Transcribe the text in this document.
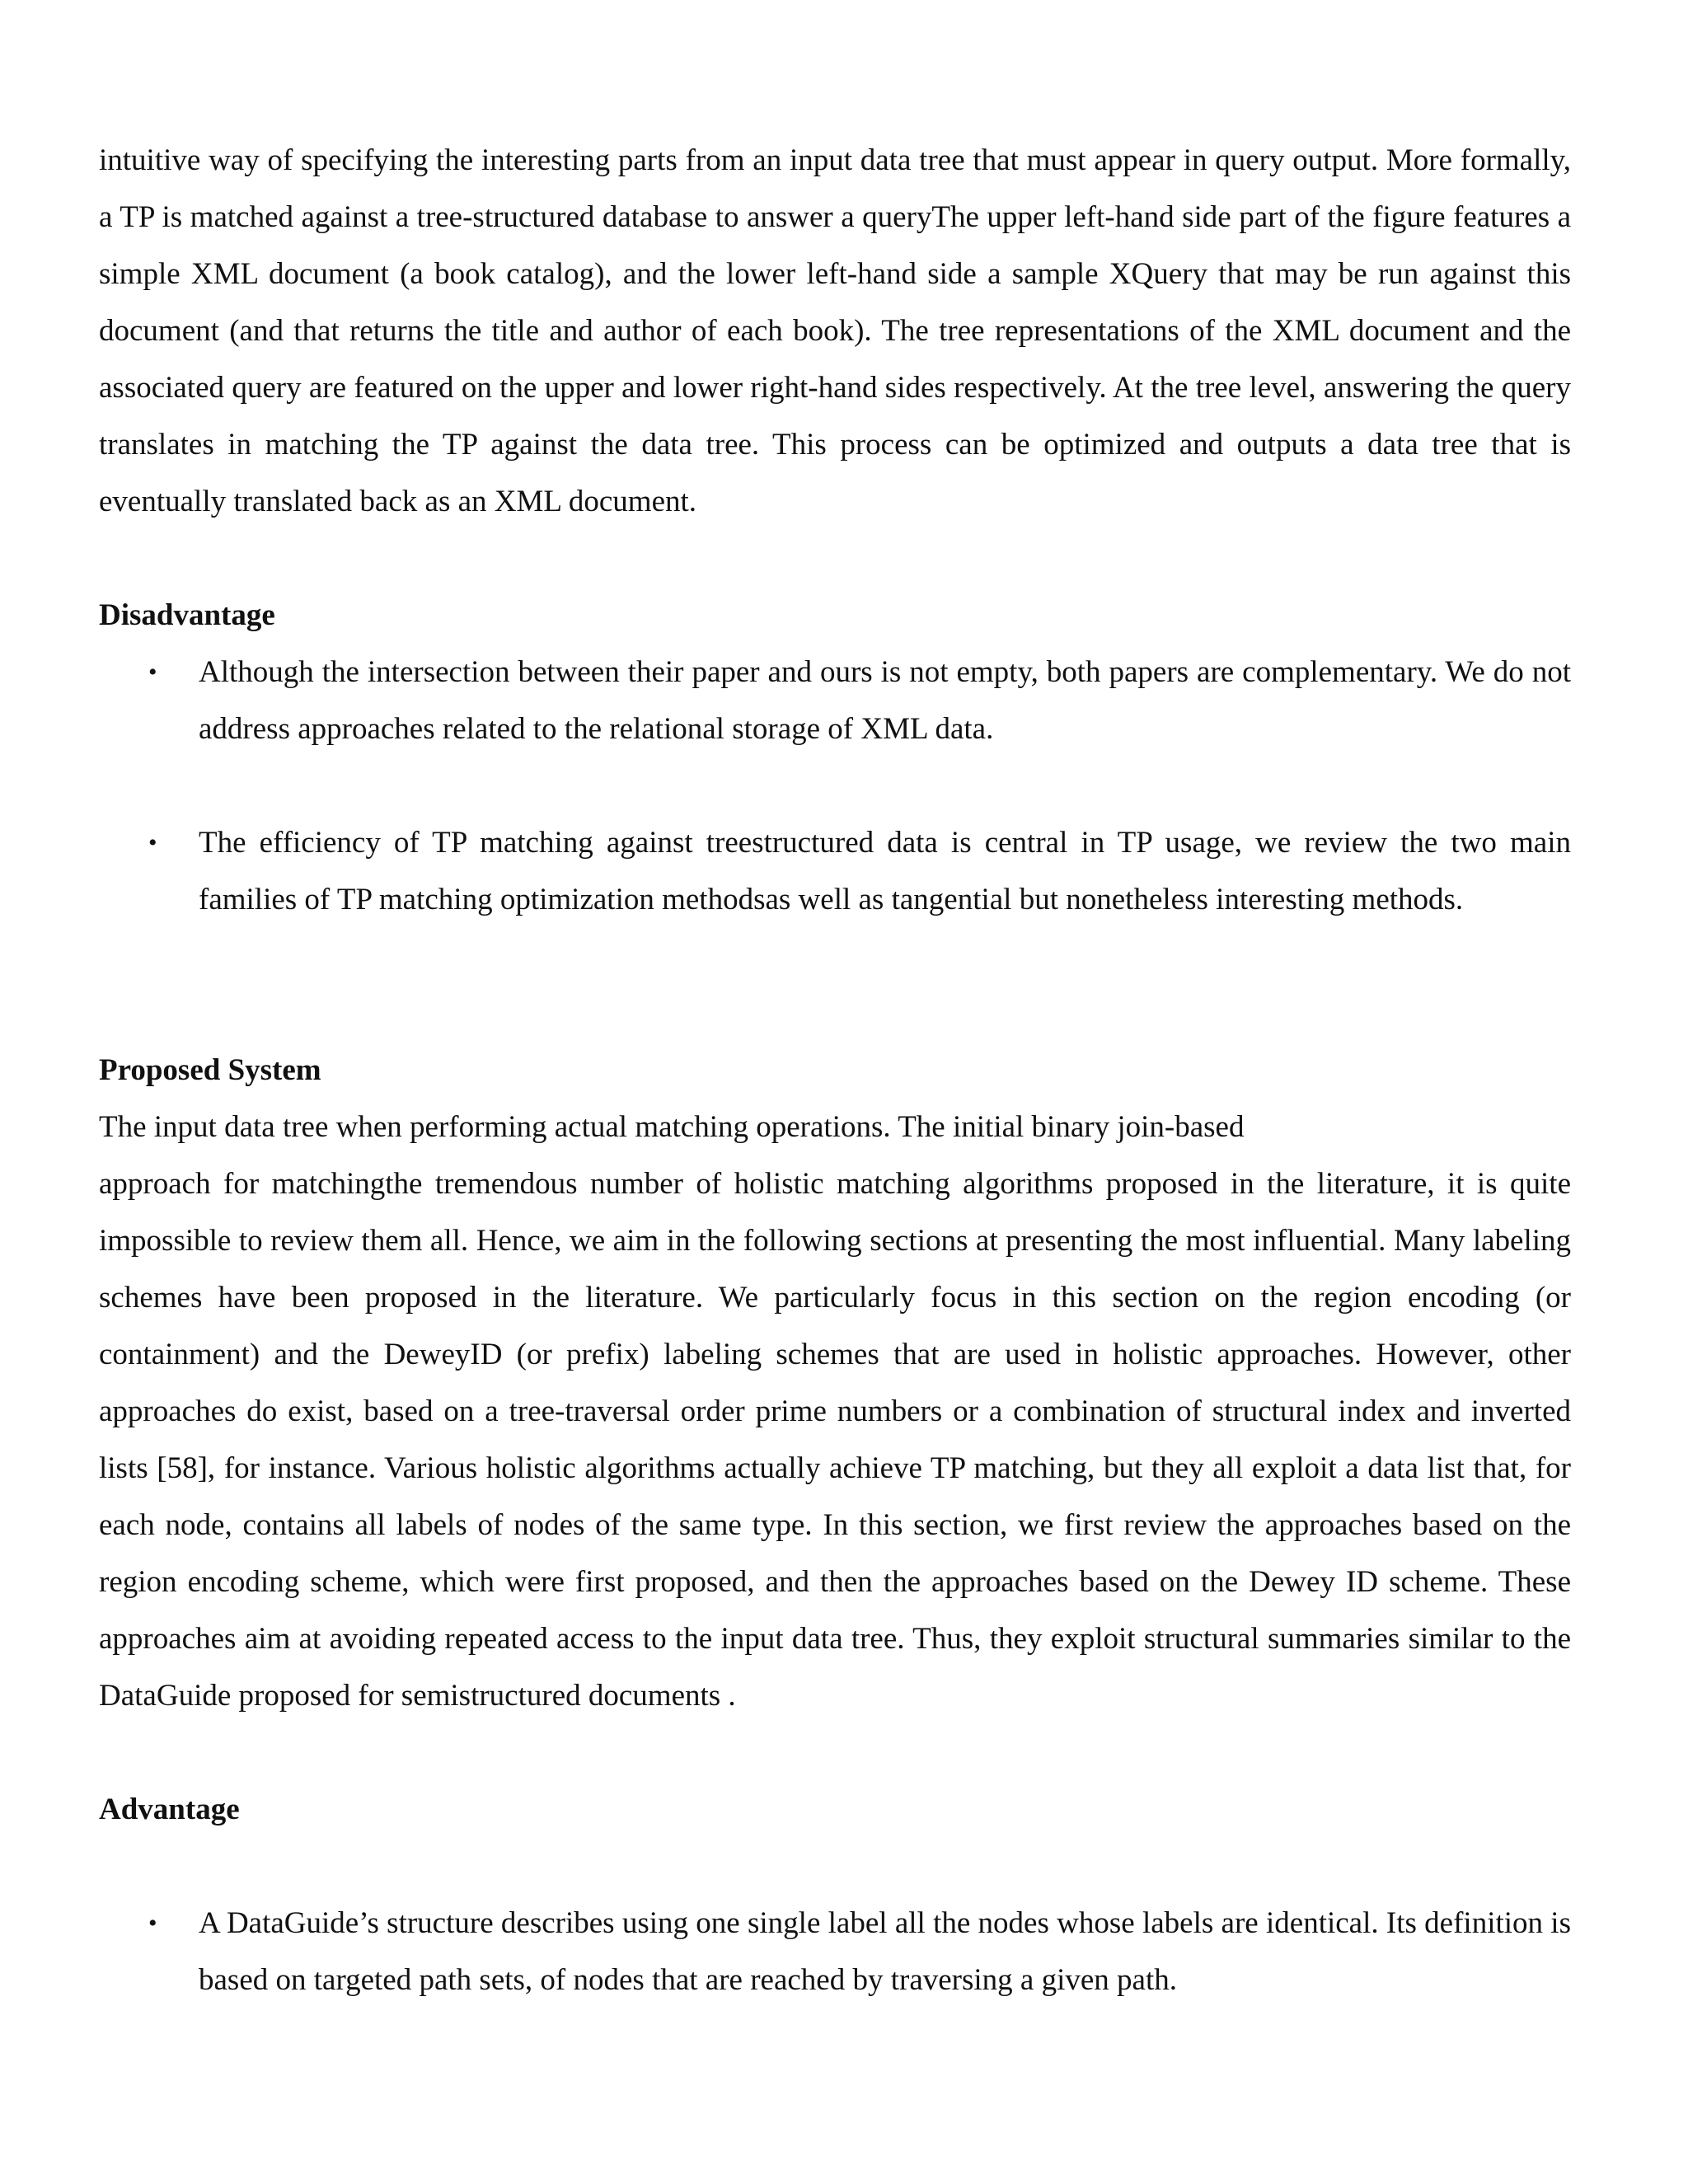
intuitive way of specifying the interesting parts from an input data tree that must appear in query output. More formally, a TP is matched against a tree-structured database to answer a queryThe upper left-hand side part of the figure features a simple XML document (a book catalog), and the lower left-hand side a sample XQuery that may be run against this document (and that returns the title and author of each book). The tree representations of the XML document and the associated query are featured on the upper and lower right-hand sides respectively. At the tree level, answering the query translates in matching the TP against the data tree. This process can be optimized and outputs a data tree that is eventually translated back as an XML document.

Disadvantage
• Although the intersection between their paper and ours is not empty, both papers are complementary. We do not address approaches related to the relational storage of XML data.
• The efficiency of TP matching against treestructured data is central in TP usage, we review the two main families of TP matching optimization methodsas well as tangential but nonetheless interesting methods.
Proposed System

The input data tree when performing actual matching operations. The initial binary join-based

approach for matchingthe tremendous number of holistic matching algorithms proposed in the literature, it is quite impossible to review them all. Hence, we aim in the following sections at presenting the most influential. Many labeling schemes have been proposed in the literature. We particularly focus in this section on the region encoding (or containment) and the DeweyID (or prefix) labeling schemes that are used in holistic approaches. However, other approaches do exist, based on a tree-traversal order prime numbers or a combination of structural index and inverted lists [58], for instance. Various holistic algorithms actually achieve TP matching, but they all exploit a data list that, for each node, contains all labels of nodes of the same type. In this section, we first review the approaches based on the region encoding scheme, which were first proposed, and then the approaches based on the Dewey ID scheme. These approaches aim at avoiding repeated access to the input data tree. Thus, they exploit structural summaries similar to the DataGuide proposed for semistructured documents .

Advantage
• A DataGuide’s structure describes using one single label all the nodes whose labels are identical. Its definition is based on targeted path sets, of nodes that are reached by traversing a given path.
